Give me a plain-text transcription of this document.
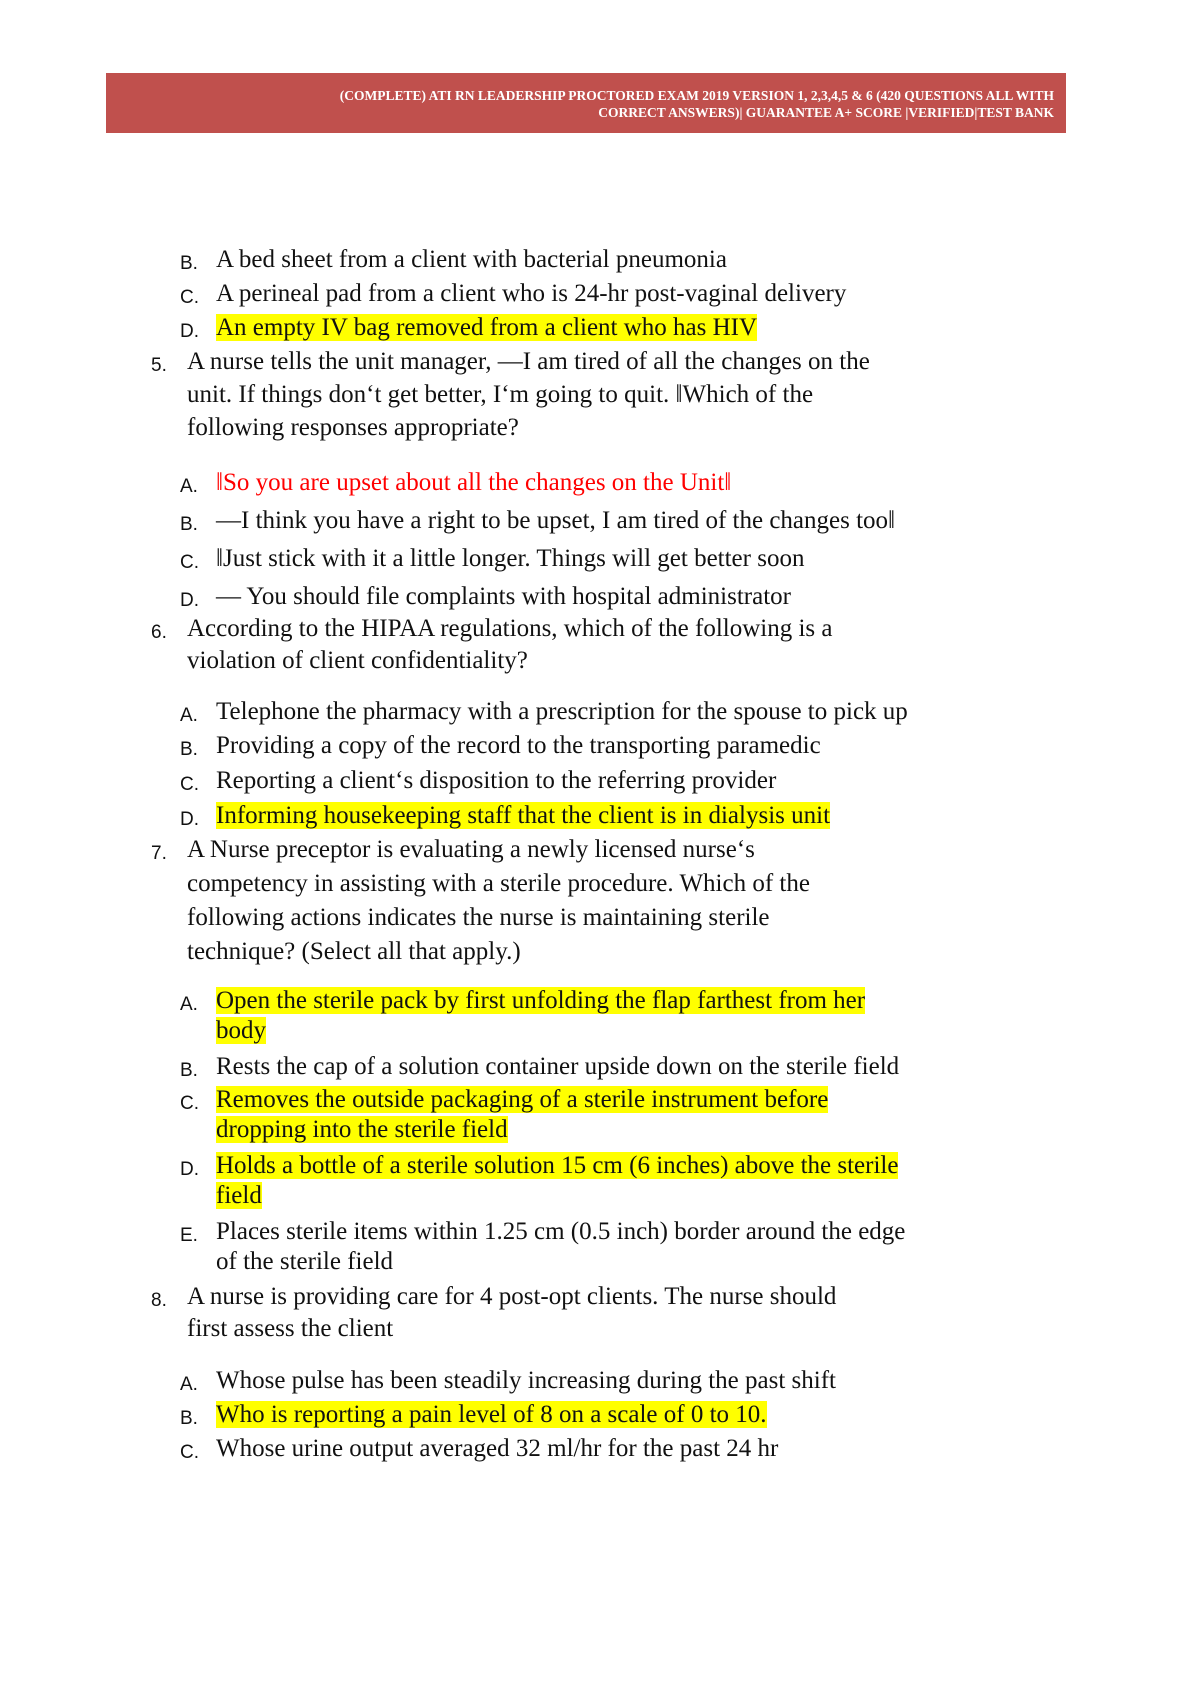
(COMPLETE) ATI RN LEADERSHIP PROCTORED EXAM 2019 VERSION 1, 2,3,4,5 & 6 (420 QUESTIONS ALL WITH
CORRECT ANSWERS)| GUARANTEE A+ SCORE |VERIFIED|TEST BANK
B. A bed sheet from a client with bacterial pneumonia
C. A perineal pad from a client who is 24-hr post-vaginal delivery
D. An empty IV bag removed from a client who has HIV
5. A nurse tells the unit manager, ―I am tired of all the changes on the
unit. If things don‘t get better, I‘m going to quit. ‖Which of the
following responses appropriate?
A. ‖So you are upset about all the changes on the Unit‖
B. ―I think you have a right to be upset, I am tired of the changes too‖
C. ‖Just stick with it a little longer. Things will get better soon
D. ― You should file complaints with hospital administrator
6. According to the HIPAA regulations, which of the following is a
violation of client confidentiality?
A. Telephone the pharmacy with a prescription for the spouse to pick up
B. Providing a copy of the record to the transporting paramedic
C. Reporting a client‘s disposition to the referring provider
D. Informing housekeeping staff that the client is in dialysis unit
7. A Nurse preceptor is evaluating a newly licensed nurse‘s
competency in assisting with a sterile procedure. Which of the
following actions indicates the nurse is maintaining sterile
technique? (Select all that apply.)
A. Open the sterile pack by first unfolding the flap farthest from her
body
B. Rests the cap of a solution container upside down on the sterile field
C. Removes the outside packaging of a sterile instrument before
dropping into the sterile field
D. Holds a bottle of a sterile solution 15 cm (6 inches) above the sterile
field
E. Places sterile items within 1.25 cm (0.5 inch) border around the edge
of the sterile field
8. A nurse is providing care for 4 post-opt clients. The nurse should
first assess the client
A. Whose pulse has been steadily increasing during the past shift
B. Who is reporting a pain level of 8 on a scale of 0 to 10.
C. Whose urine output averaged 32 ml/hr for the past 24 hr
